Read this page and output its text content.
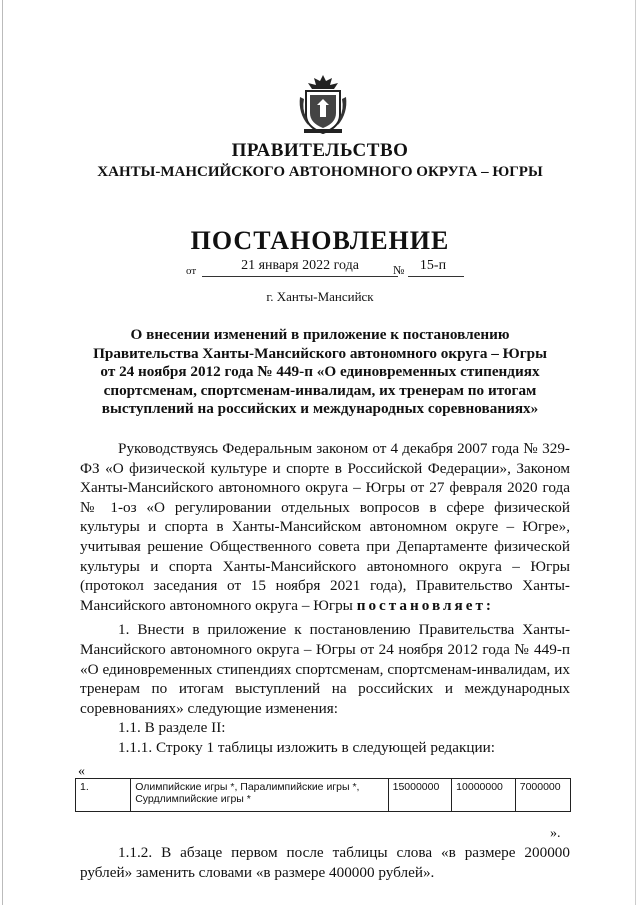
ПРАВИТЕЛЬСТВО
ХАНТЫ-МАНСИЙСКОГО АВТОНОМНОГО ОКРУГА – ЮГРЫ
ПОСТАНОВЛЕНИЕ
от	21 января 2022 года	№	15-п
г. Ханты-Мансийск
О внесении изменений в приложение к постановлению Правительства Ханты-Мансийского автономного округа – Югры от 24 ноября 2012 года № 449-п «О единовременных стипендиях спортсменам, спортсменам-инвалидам, их тренерам по итогам выступлений на российских и международных соревнованиях»

Руководствуясь Федеральным законом от 4 декабря 2007 года № 329-ФЗ «О физической культуре и спорте в Российской Федерации», Законом Ханты-Мансийского автономного округа – Югры от 27 февраля 2020 года № 1-оз «О регулировании отдельных вопросов в сфере физической культуры и спорта в Ханты-Мансийском автономном округе – Югре», учитывая решение Общественного совета при Департаменте физической культуры и спорта Ханты-Мансийского автономного округа – Югры (протокол заседания от 15 ноября 2021 года), Правительство Ханты-Мансийского автономного округа – Югры постановляет:

1. Внести в приложение к постановлению Правительства Ханты-Мансийского автономного округа – Югры от 24 ноября 2012 года № 449-п «О единовременных стипендиях спортсменам, спортсменам-инвалидам, их тренерам по итогам выступлений на российских и международных соревнованиях» следующие изменения:

1.1. В разделе II:

1.1.1. Строку 1 таблицы изложить в следующей редакции:

«
1.	Олимпийские игры *, Паралимпийские игры *, Сурдлимпийские игры *	15000000	10000000	7000000
».

1.1.2. В абзаце первом после таблицы слова «в размере 200000 рублей» заменить словами «в размере 400000 рублей».
